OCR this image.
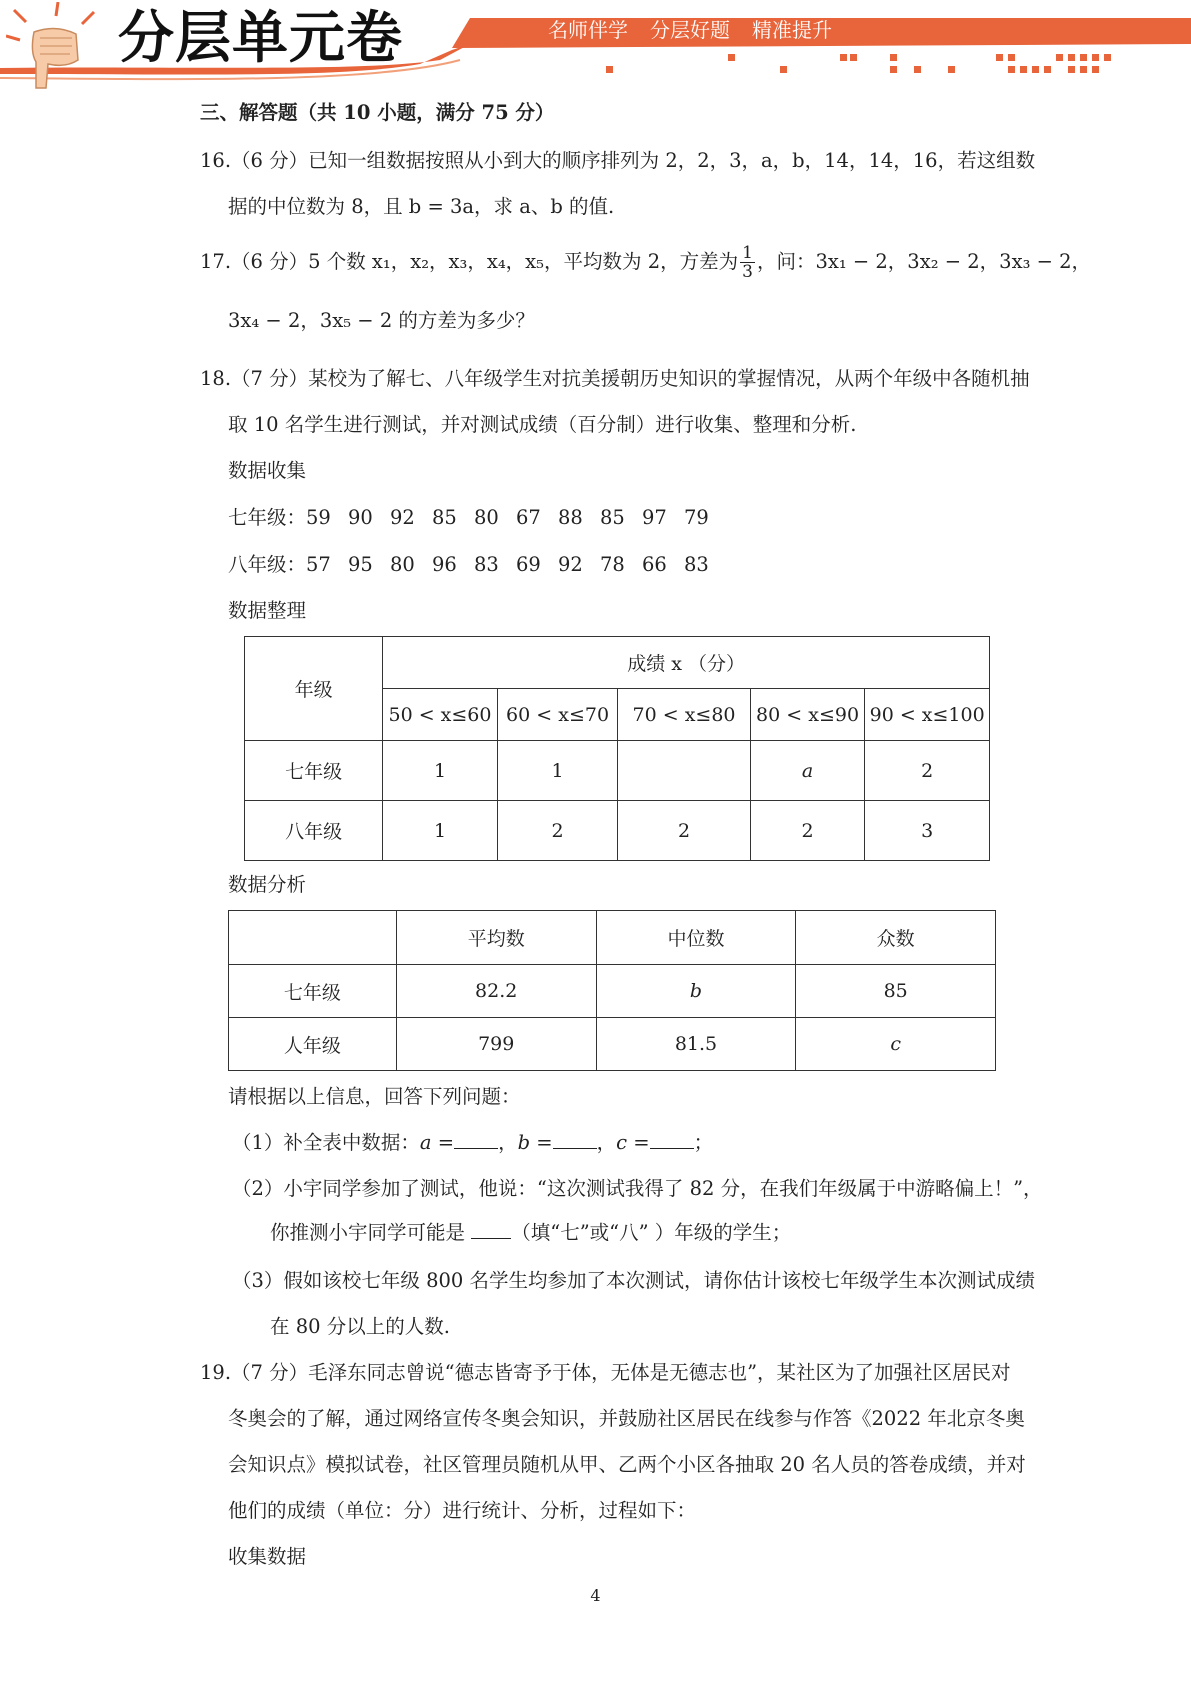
分层单元卷	名师伴学 分层好题 精准提升
三、解答题（共 10 小题，满分 75 分）
16.（6 分）已知一组数据按照从小到大的顺序排列为 2，2，3，a，b，14，14，16，若这组数
据的中位数为 8，且 b = 3a，求 a、b 的值.
17.（6 分）5 个数 x₁，x₂，x₃，x₄，x₅，平均数为 2，方差为 $\frac{1}{3}$ ，问：3x₁ − 2，3x₂ − 2，3x₃ − 2，
3x₄ − 2，3x₅ − 2 的方差为多少？
18.（7 分）某校为了解七、八年级学生对抗美援朝历史知识的掌握情况，从两个年级中各随机抽
取 10 名学生进行测试，并对测试成绩（百分制）进行收集、整理和分析.
数据收集
七年级：59 90 92 85 80 67 88 85 97 79
八年级：57 95 80 96 83 69 92 78 66 83
数据整理
年级	成绩 x （分）				
	50 < x≤60	60 < x≤70	70 < x≤80	80 < x≤90	90 < x≤100
七年级	1	1		a	2
八年级	1	2	2	2	3
数据分析
	平均数	中位数	众数
七年级	82.2	b	85
人年级	799	81.5	c
请根据以上信息，回答下列问题：
（1）补全表中数据：a = ，b = ，c = ；
（2）小宇同学参加了测试，他说：“这次测试我得了 82 分，在我们年级属于中游略偏上！”，
你推测小宇同学可能是 （填“七”或“八” ）年级的学生；
（3）假如该校七年级 800 名学生均参加了本次测试，请你估计该校七年级学生本次测试成绩
在 80 分以上的人数.
19.（7 分）毛泽东同志曾说“德志皆寄予于体，无体是无德志也”，某社区为了加强社区居民对
冬奥会的了解，通过网络宣传冬奥会知识，并鼓励社区居民在线参与作答《2022 年北京冬奥
会知识点》模拟试卷，社区管理员随机从甲、乙两个小区各抽取 20 名人员的答卷成绩，并对
他们的成绩（单位：分）进行统计、分析，过程如下：
收集数据
4
